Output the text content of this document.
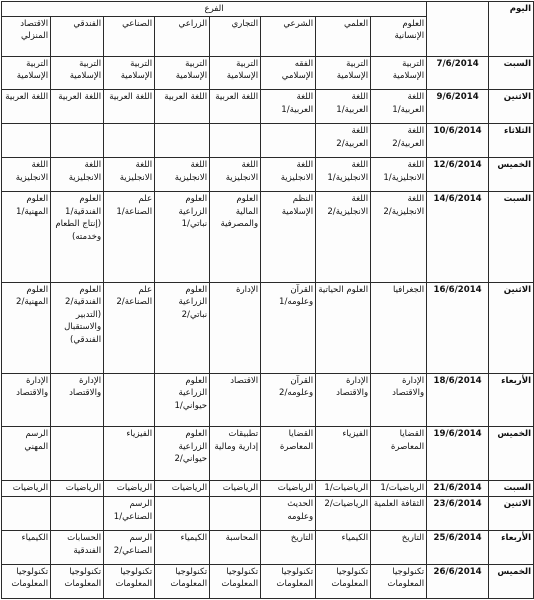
اليوم		الفرع							
		العلوم الإنسانية	العلمي	الشرعي	التجاري	الزراعي	الصناعي	الفندقي	الاقتصاد المنزلي
السبت	7/6/2014	التربية الإسلامية	التربية الإسلامية	الفقه الإسلامي	التربية الإسلامية	التربية الإسلامية	التربية الإسلامية	التربية الإسلامية	التربية الإسلامية
الاثنين	9/6/2014	اللغة العربية/1	اللغة العربية/1	اللغة العربية/1	اللغة العربية	اللغة العربية	اللغة العربية	اللغة العربية	اللغة العربية
الثلاثاء	10/6/2014	اللغة العربية/2	اللغة العربية/2						
الخميس	12/6/2014	اللغة الانجليزية/1	اللغة الانجليزية/1	اللغة الانجليزية	اللغة الانجليزية	اللغة الانجليزية	اللغة الانجليزية	اللغة الانجليزية	اللغة الانجليزية
السبت	14/6/2014	اللغة الانجليزية/2	اللغة الانجليزية/2	النظم الإسلامية	العلوم المالية والمصرفية	العلوم الزراعية نباتي/1	علم الصناعة/1	العلوم الفندقية/1 (إنتاج الطعام وخدمته)	العلوم المهنية/1
الاثنين	16/6/2014	الجغرافيا	العلوم الحياتية	القرآن وعلومه/1	الإدارة	العلوم الزراعية نباتي/2	علم الصناعة/2	العلوم الفندقية/2 (التدبير والاستقبال الفندقي)	العلوم المهنية/2
الأربعاء	18/6/2014	الإدارة والاقتصاد	الإدارة والاقتصاد	القرآن وعلومه/2	الاقتصاد	العلوم الزراعية حيواني/1		الإدارة والاقتصاد	الإدارة والاقتصاد
الخميس	19/6/2014	القضايا المعاصرة	الفيزياء	القضايا المعاصرة	تطبيقات إدارية ومالية	العلوم الزراعية حيواني/2	الفيزياء		الرسم المهني
السبت	21/6/2014	الرياضيات/1	الرياضيات/1	الرياضيات	الرياضيات	الرياضيات	الرياضيات	الرياضيات	الرياضيات
الاثنين	23/6/2014	الثقافة العلمية	الرياضيات/2	الحديث وعلومه			الرسم الصناعي/1		
الأربعاء	25/6/2014	التاريخ	الكيمياء	التاريخ	المحاسبة	الكيمياء	الرسم الصناعي/2	الحسابات الفندقية	الكيمياء
الخميس	26/6/2014	تكنولوجيا المعلومات	تكنولوجيا المعلومات	تكنولوجيا المعلومات	تكنولوجيا المعلومات	تكنولوجيا المعلومات	تكنولوجيا المعلومات	تكنولوجيا المعلومات	تكنولوجيا المعلومات
